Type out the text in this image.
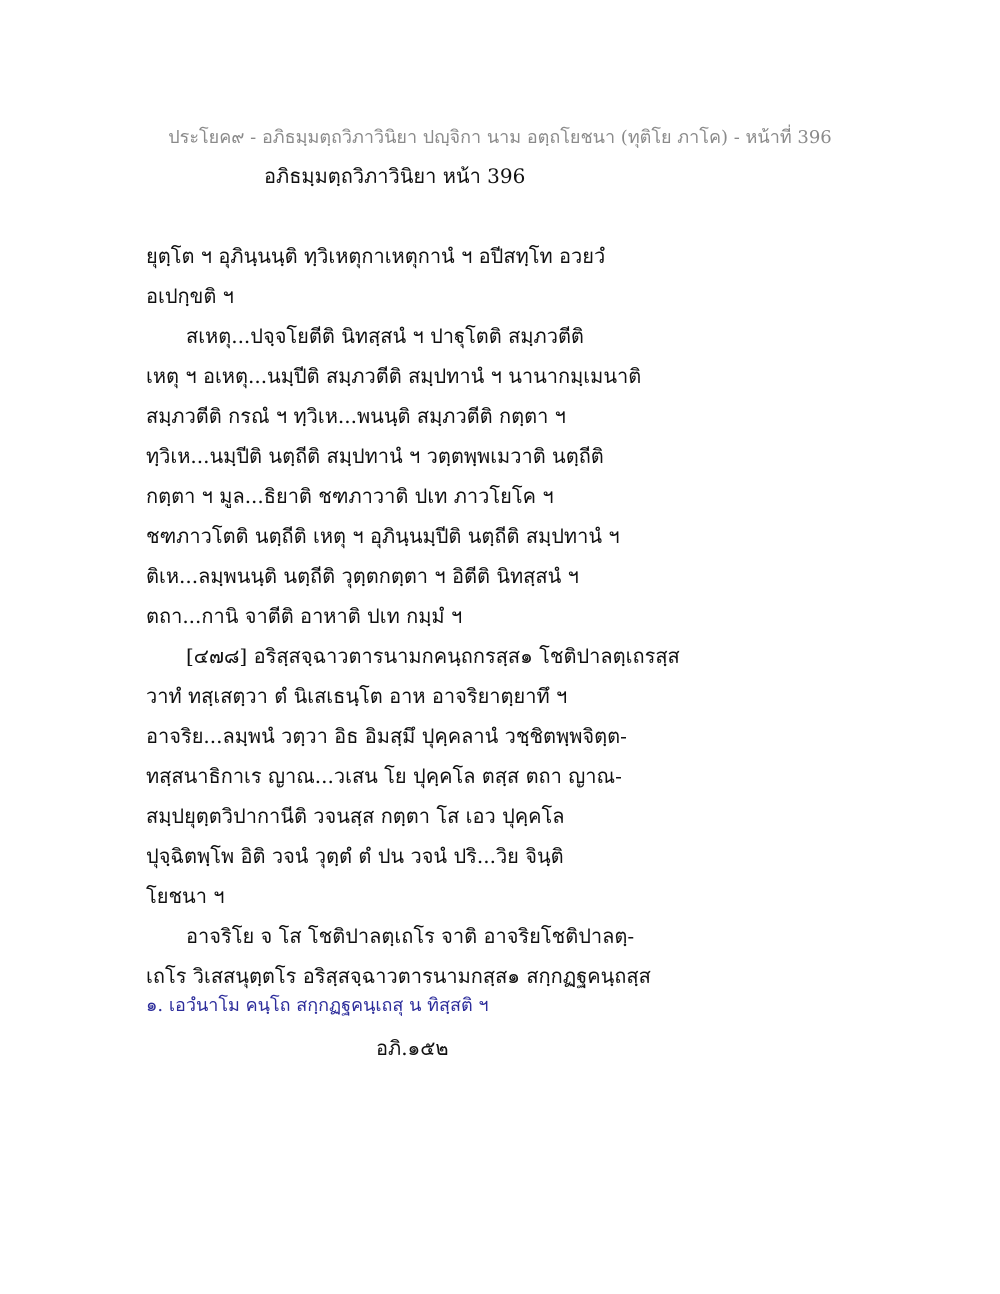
ประโยค๙ - อภิธมฺมตฺถวิภาวินิยา ปญฺจิกา นาม อตฺถโยชนา (ทุติโย ภาโค) - หน้าที่ 396
อภิธมฺมตฺถวิภาวินิยา หน้า 396
ยุตฺโต ฯ อุภินฺนนฺติ ทฺวิเหตุกาเหตุกานํ ฯ อปีสทฺโท อวยวํ
อเปกฺขติ ฯ
สเหตุ...ปจฺจโยตีติ นิทสฺสนํ ฯ ปาฐุโตติ สมฺภวตีติ
เหตุ ฯ อเหตุ...นมฺปีติ สมฺภวตีติ สมฺปทานํ ฯ นานากมฺเมนาติ
สมฺภวตีติ กรณํ ฯ ทฺวิเห...พนนฺติ สมฺภวตีติ กตฺตา ฯ
ทฺวิเห...นมฺปีติ นตฺถีติ สมฺปทานํ ฯ วตฺตพฺพเมวาติ นตฺถีติ
กตฺตา ฯ มูล...ธิยาติ ชฑภาวาติ ปเท ภาวโยโค ฯ
ชฑภาวโตติ นตฺถีติ เหตุ ฯ อุภินฺนมฺปีติ นตฺถีติ สมฺปทานํ ฯ
ติเห...ลมฺพนนฺติ นตฺถีติ วุตฺตกตฺตา ฯ อิตีติ นิทสฺสนํ ฯ
ตถา...กานิ จาตีติ อาหาติ ปเท กมฺมํ ฯ
[๔๗๘] อริสฺสจฺฉาวตารนามกคนฺถกรสฺส๑ โชติปาลตฺเถรสฺส
วาทํ ทสฺเสตฺวา ตํ นิเสเธนฺโต อาห อาจริยาตฺยาทึ ฯ
อาจริย...ลมฺพนํ วตฺวา อิธ อิมสฺมึ ปุคฺคลานํ วชฺชิตพฺพจิตฺต-
ทสฺสนาธิกาเร ญาณ...วเสน โย ปุคฺคโล ตสฺส ตถา ญาณ-
สมฺปยุตฺตวิปากานีติ วจนสฺส กตฺตา โส เอว ปุคฺคโล
ปุจฺฉิตพฺโพ อิติ วจนํ วุตฺตํ ตํ ปน วจนํ ปริ...วิย จินฺติ
โยชนา ฯ
อาจริโย จ โส โชติปาลตฺเถโร จาติ อาจริยโชติปาลตฺ-
เถโร วิเสสนุตฺตโร อริสฺสจฺฉาวตารนามกสฺส๑ สกฺกฏฐคนฺถสฺส
๑. เอวํนาโม คนฺโถ สกฺกฏฐคนฺเถสุ น ทิสฺสติ ฯ
อภิ.๑๕๒
